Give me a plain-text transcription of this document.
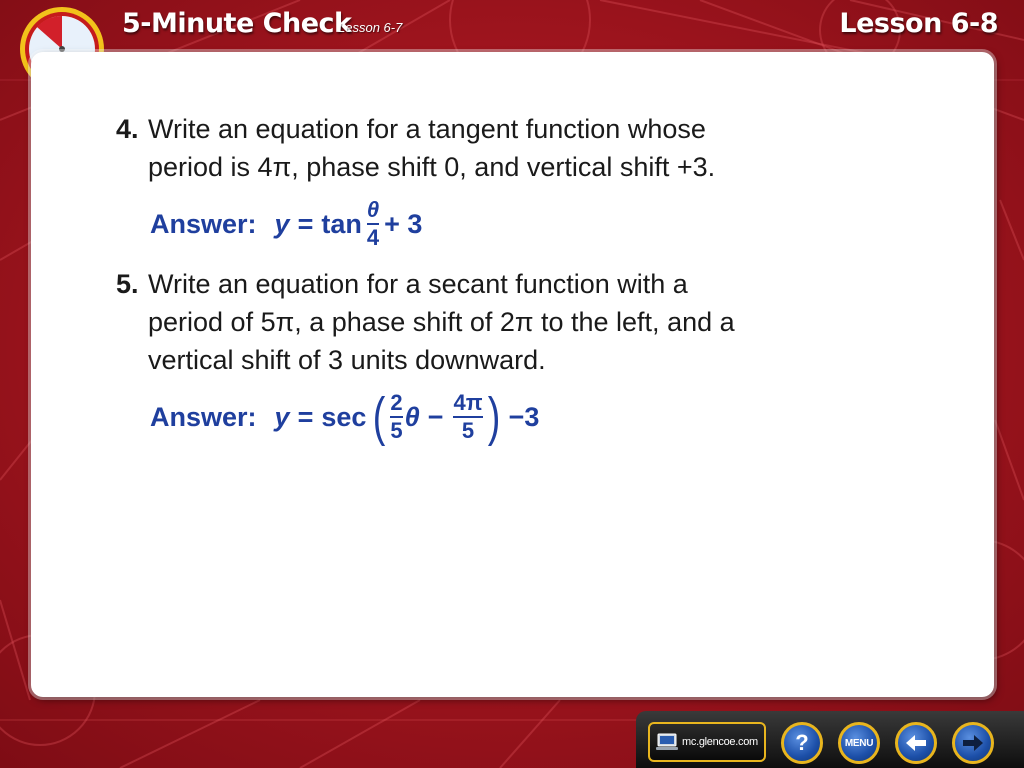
5-Minute Check
Lesson 6-7	Lesson 6-8
4. Write an equation for a tangent function whose
period is 4π, phase shift 0, and vertical shift +3.
Answer: $y = \tan \frac{\theta}{4} + 3$
5. Write an equation for a secant function with a
period of 5π, a phase shift of 2π to the left, and a
vertical shift of 3 units downward.
Answer: y = sec ( $\frac{2}{5}$ $\theta - \frac{4\pi}{5}$ ) −3
mc.glencoe.com ?	MENU
